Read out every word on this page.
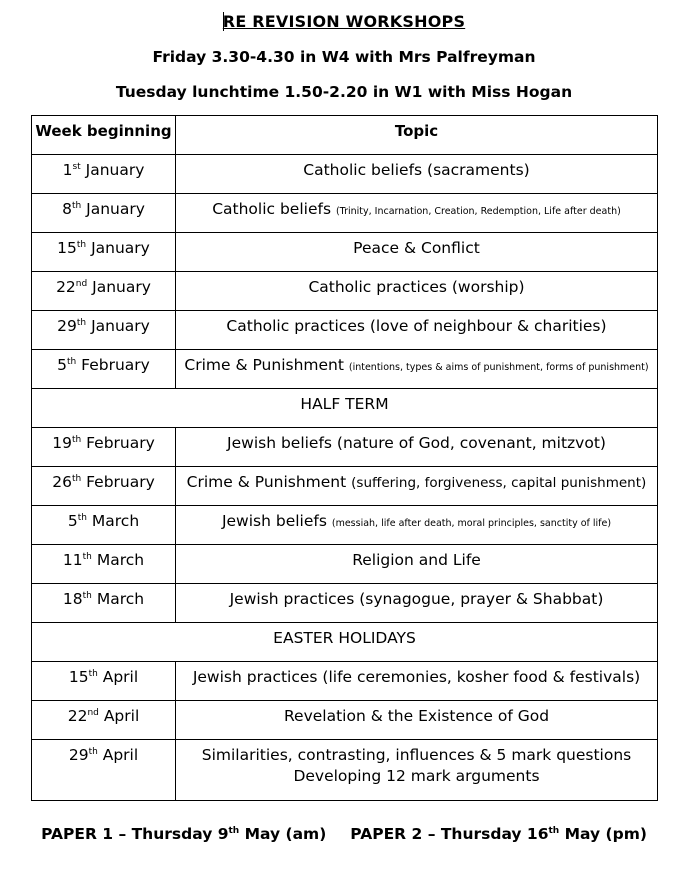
RE REVISION WORKSHOPS
Friday 3.30-4.30 in W4 with Mrs Palfreyman
Tuesday lunchtime 1.50-2.20 in W1 with Miss Hogan
Week beginning	Topic
1st January	Catholic beliefs (sacraments)
8th January	Catholic beliefs (Trinity, Incarnation, Creation, Redemption, Life after death)
15th January	Peace & Conflict
22nd January	Catholic practices (worship)
29th January	Catholic practices (love of neighbour & charities)
5th February	Crime & Punishment (intentions, types & aims of punishment, forms of punishment)
HALF TERM	
19th February	Jewish beliefs (nature of God, covenant, mitzvot)
26th February	Crime & Punishment (suffering, forgiveness, capital punishment)
5th March	Jewish beliefs (messiah, life after death, moral principles, sanctity of life)
11th March	Religion and Life
18th March	Jewish practices (synagogue, prayer & Shabbat)
EASTER HOLIDAYS	
15th April	Jewish practices (life ceremonies, kosher food & festivals)
22nd April	Revelation & the Existence of God
29th April	Similarities, contrasting, influences & 5 mark questions
Developing 12 mark arguments
PAPER 1 – Thursday 9th May (am) PAPER 2 – Thursday 16th May (pm)
